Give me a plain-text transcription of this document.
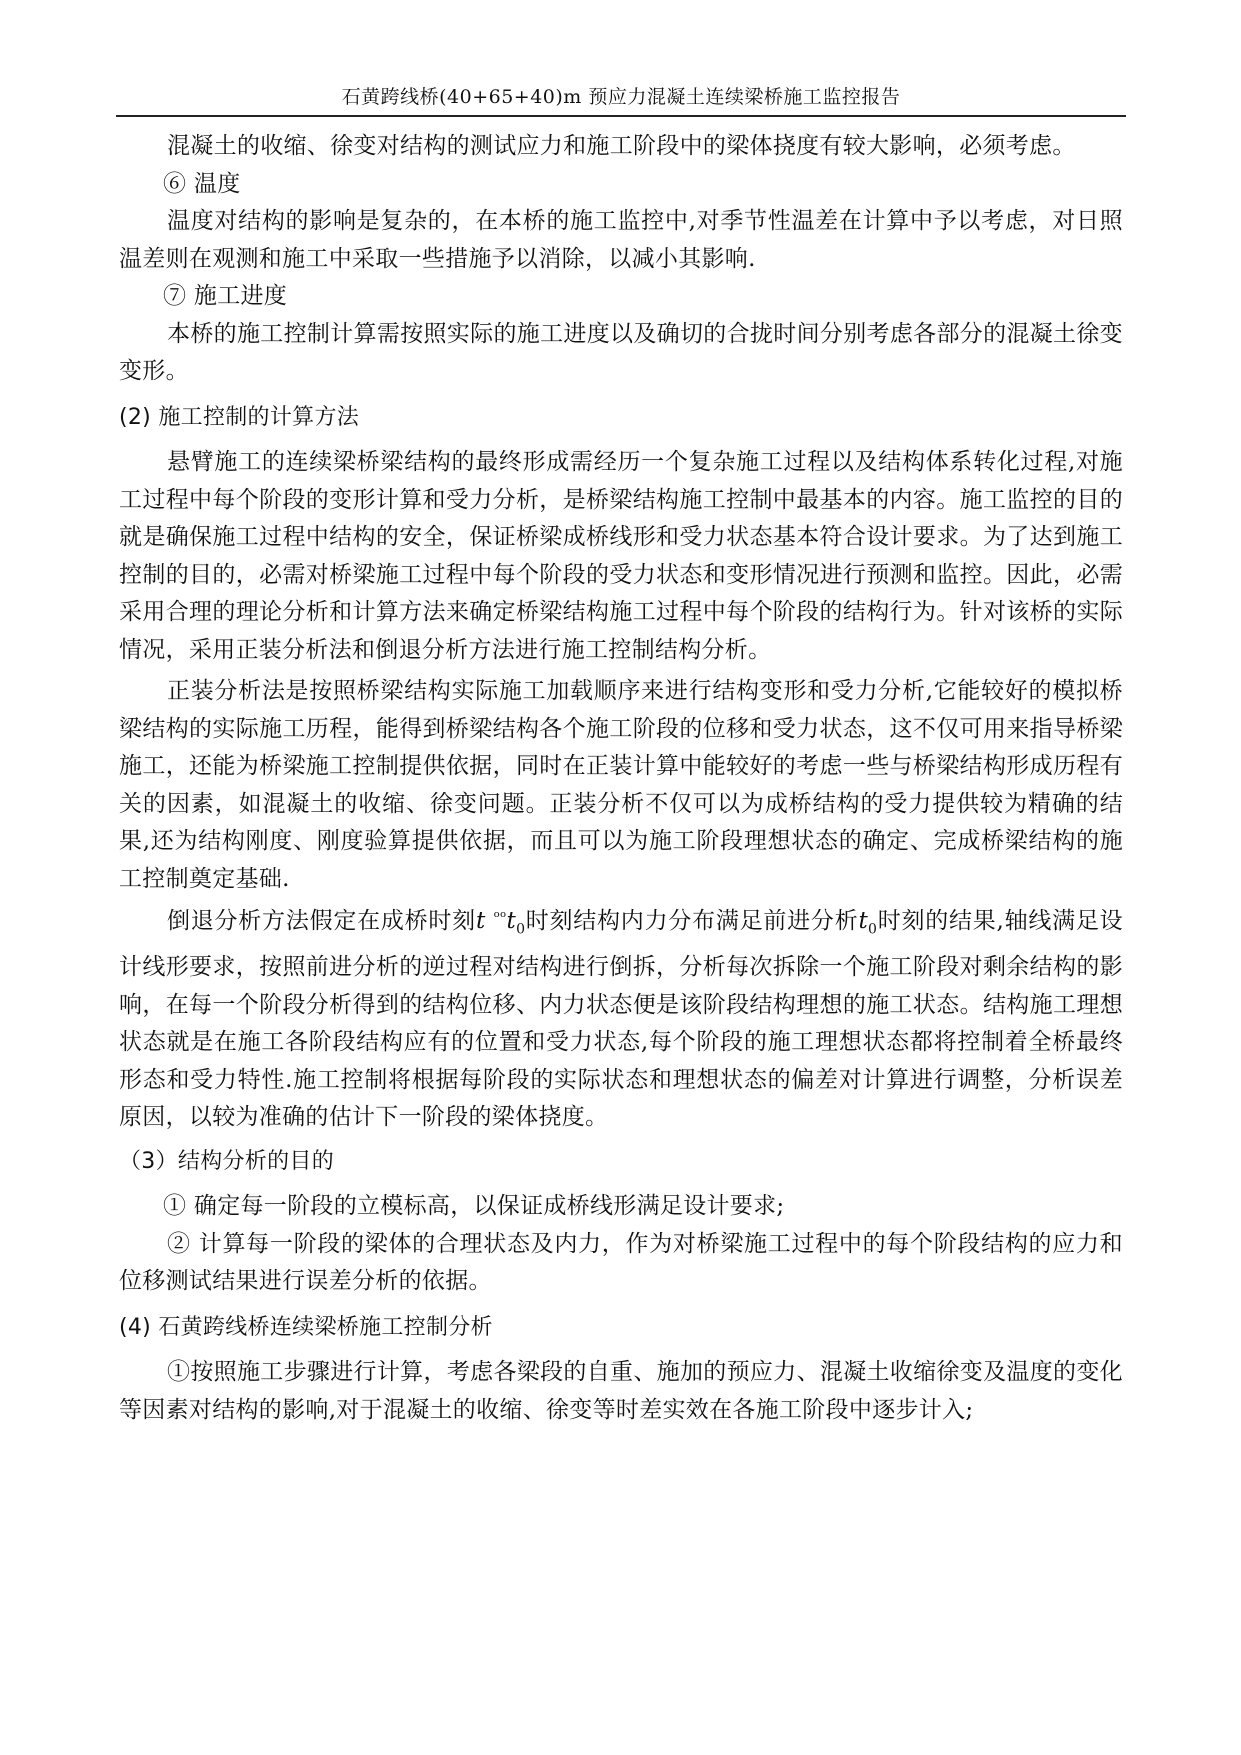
石黄跨线桥(40+65+40)m 预应力混凝土连续梁桥施工监控报告

混凝土的收缩、徐变对结构的测试应力和施工阶段中的梁体挠度有较大影响，必须考虑。

⑥ 温度

温度对结构的影响是复杂的，在本桥的施工监控中,对季节性温差在计算中予以考虑，对日照温差则在观测和施工中采取一些措施予以消除，以减小其影响.

⑦ 施工进度

本桥的施工控制计算需按照实际的施工进度以及确切的合拢时间分别考虑各部分的混凝土徐变变形。

(2) 施工控制的计算方法

悬臂施工的连续梁桥梁结构的最终形成需经历一个复杂施工过程以及结构体系转化过程,对施工过程中每个阶段的变形计算和受力分析，是桥梁结构施工控制中最基本的内容。施工监控的目的就是确保施工过程中结构的安全，保证桥梁成桥线形和受力状态基本符合设计要求。为了达到施工控制的目的，必需对桥梁施工过程中每个阶段的受力状态和变形情况进行预测和监控。因此，必需采用合理的理论分析和计算方法来确定桥梁结构施工过程中每个阶段的结构行为。针对该桥的实际情况，采用正装分析法和倒退分析方法进行施工控制结构分析。

正装分析法是按照桥梁结构实际施工加载顺序来进行结构变形和受力分析,它能较好的模拟桥梁结构的实际施工历程，能得到桥梁结构各个施工阶段的位移和受力状态，这不仅可用来指导桥梁施工，还能为桥梁施工控制提供依据，同时在正装计算中能较好的考虑一些与桥梁结构形成历程有关的因素，如混凝土的收缩、徐变问题。正装分析不仅可以为成桥结构的受力提供较为精确的结果,还为结构刚度、刚度验算提供依据，而且可以为施工阶段理想状态的确定、完成桥梁结构的施工控制奠定基础.

倒退分析方法假定在成桥时刻t $^{ᵒᵒ}t_0$时刻结构内力分布满足前进分析$t_0$时刻的结果,轴线满足设计线形要求，按照前进分析的逆过程对结构进行倒拆，分析每次拆除一个施工阶段对剩余结构的影响，在每一个阶段分析得到的结构位移、内力状态便是该阶段结构理想的施工状态。结构施工理想状态就是在施工各阶段结构应有的位置和受力状态,每个阶段的施工理想状态都将控制着全桥最终形态和受力特性.施工控制将根据每阶段的实际状态和理想状态的偏差对计算进行调整，分析误差原因，以较为准确的估计下一阶段的梁体挠度。

（3）结构分析的目的

① 确定每一阶段的立模标高，以保证成桥线形满足设计要求;

② 计算每一阶段的梁体的合理状态及内力，作为对桥梁施工过程中的每个阶段结构的应力和位移测试结果进行误差分析的依据。

(4) 石黄跨线桥连续梁桥施工控制分析

①按照施工步骤进行计算，考虑各梁段的自重、施加的预应力、混凝土收缩徐变及温度的变化等因素对结构的影响,对于混凝土的收缩、徐变等时差实效在各施工阶段中逐步计入;
